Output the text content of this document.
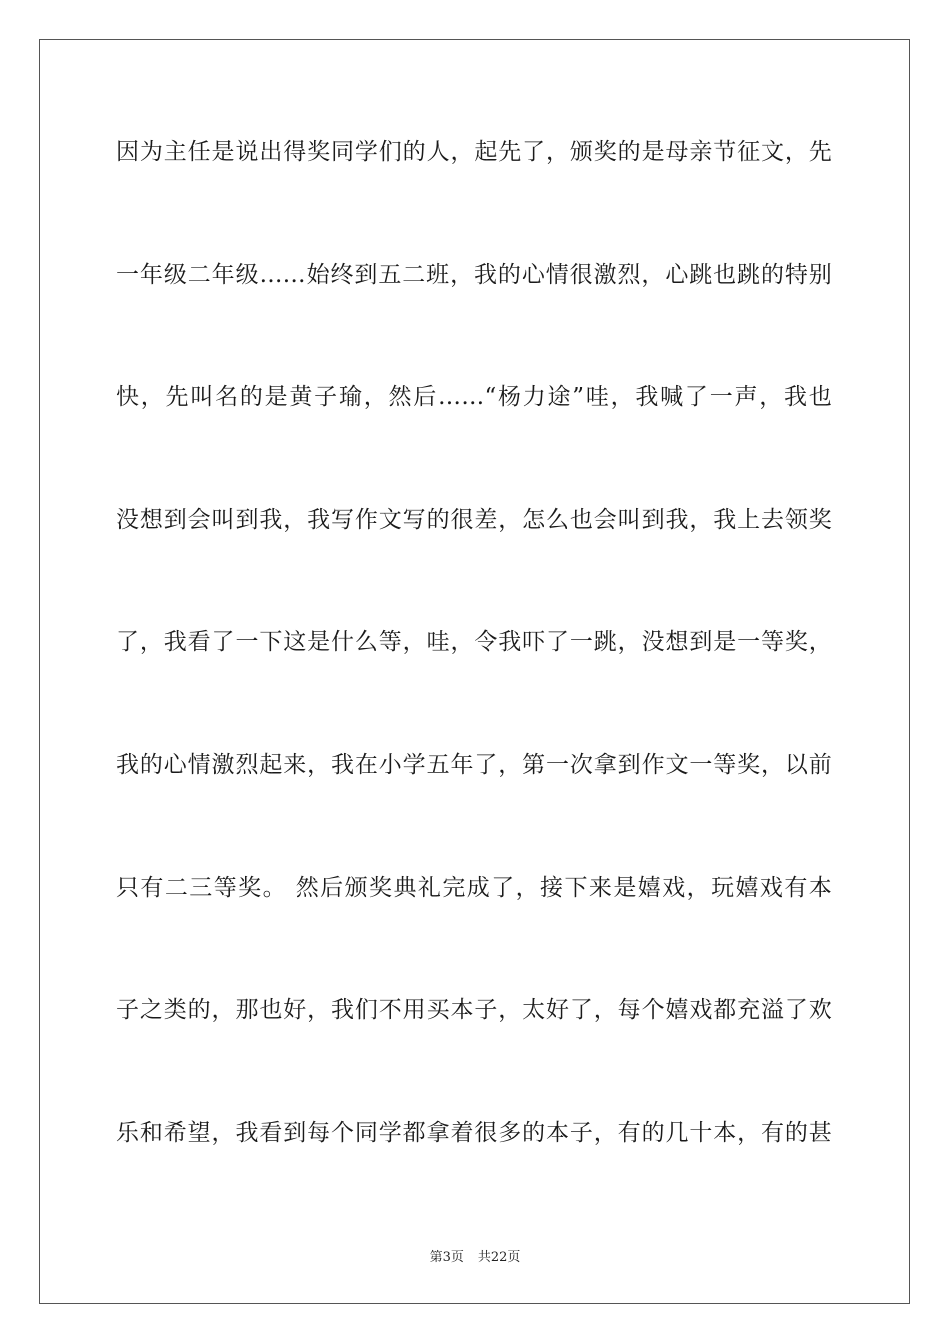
因为主任是说出得奖同学们的人，起先了，颁奖的是母亲节征文，先
一年级二年级……始终到五二班，我的心情很激烈，心跳也跳的特别
快，先叫名的是黄子瑜，然后……“杨力途”哇，我喊了一声，我也
没想到会叫到我，我写作文写的很差，怎么也会叫到我，我上去领奖
了，我看了一下这是什么等，哇，令我吓了一跳，没想到是一等奖，
我的心情激烈起来，我在小学五年了，第一次拿到作文一等奖，以前
只有二三等奖。 然后颁奖典礼完成了，接下来是嬉戏，玩嬉戏有本
子之类的，那也好，我们不用买本子，太好了，每个嬉戏都充溢了欢
乐和希望，我看到每个同学都拿着很多的本子，有的几十本，有的甚
第3页 共22页
